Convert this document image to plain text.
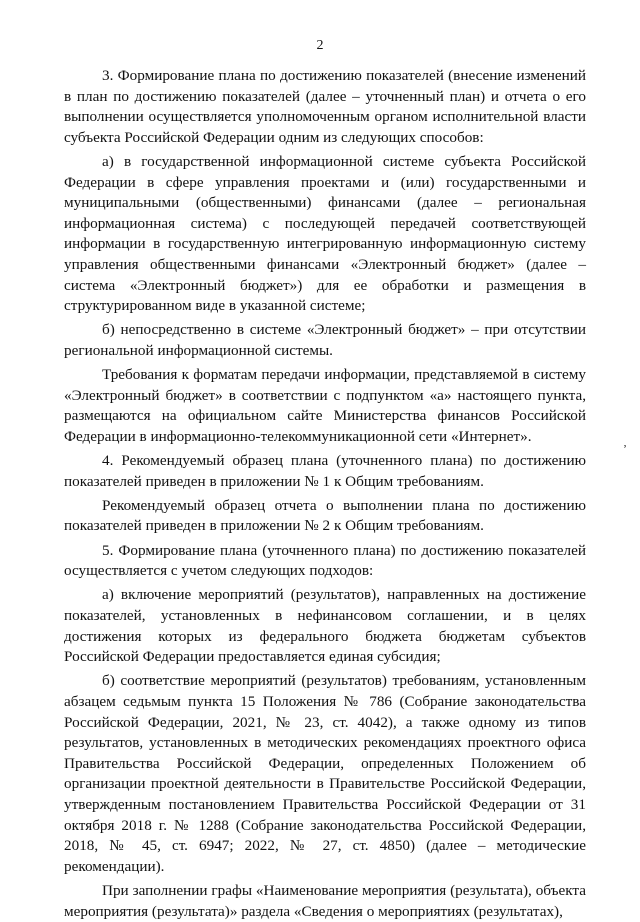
2

3. Формирование плана по достижению показателей (внесение изменений в план по достижению показателей (далее – уточненный план) и отчета о его выполнении осуществляется уполномоченным органом исполнительной власти субъекта Российской Федерации одним из следующих способов:

а) в государственной информационной системе субъекта Российской Федерации в сфере управления проектами и (или) государственными и муниципальными (общественными) финансами (далее – региональная информационная система) с последующей передачей соответствующей информации в государственную интегрированную информационную систему управления общественными финансами «Электронный бюджет» (далее – система «Электронный бюджет») для ее обработки и размещения в структурированном виде в указанной системе;

б) непосредственно в системе «Электронный бюджет» – при отсутствии региональной информационной системы.

Требования к форматам передачи информации, представляемой в систему «Электронный бюджет» в соответствии с подпунктом «а» настоящего пункта, размещаются на официальном сайте Министерства финансов Российской Федерации в информационно-телекоммуникационной сети «Интернет».

4. Рекомендуемый образец плана (уточненного плана) по достижению показателей приведен в приложении № 1 к Общим требованиям.

Рекомендуемый образец отчета о выполнении плана по достижению показателей приведен в приложении № 2 к Общим требованиям.

5. Формирование плана (уточненного плана) по достижению показателей осуществляется с учетом следующих подходов:

а) включение мероприятий (результатов), направленных на достижение показателей, установленных в нефинансовом соглашении, и в целях достижения которых из федерального бюджета бюджетам субъектов Российской Федерации предоставляется единая субсидия;

б) соответствие мероприятий (результатов) требованиям, установленным абзацем седьмым пункта 15 Положения № 786 (Собрание законодательства Российской Федерации, 2021, № 23, ст. 4042), а также одному из типов результатов, установленных в методических рекомендациях проектного офиса Правительства Российской Федерации, определенных Положением об организации проектной деятельности в Правительстве Российской Федерации, утвержденным постановлением Правительства Российской Федерации от 31 октября 2018 г. № 1288 (Собрание законодательства Российской Федерации, 2018, № 45, ст. 6947; 2022, № 27, ст. 4850) (далее – методические рекомендации).

При заполнении графы «Наименование мероприятия (результата), объекта мероприятия (результата)» раздела «Сведения о мероприятиях (результатах),

‚
